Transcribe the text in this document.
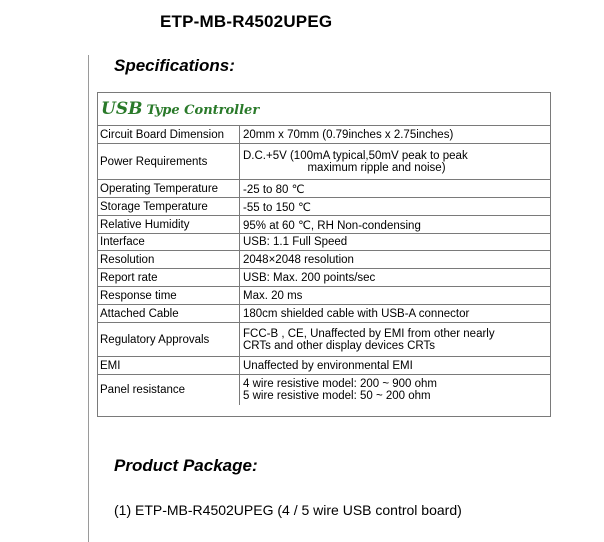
ETP-MB-R4502UPEG
Specifications:
USB Type Controller
Circuit Board Dimension	20mm x 70mm (0.79inches x 2.75inches)
Power Requirements	D.C.+5V (100mA typical,50mV peak to peak
maximum ripple and noise)
Operating Temperature	-25 to 80 ℃
Storage Temperature	-55 to 150 ℃
Relative Humidity	95% at 60 ℃, RH Non-condensing
Interface	USB: 1.1 Full Speed
Resolution	2048×2048 resolution
Report rate	USB: Max. 200 points/sec
Response time	Max. 20 ms
Attached Cable	180cm shielded cable with USB-A connector
Regulatory Approvals	FCC-B , CE, Unaffected by EMI from other nearly
CRTs and other display devices CRTs
EMI	Unaffected by environmental EMI
Panel resistance	4 wire resistive model: 200 ~ 900 ohm
5 wire resistive model: 50 ~ 200 ohm
Product Package:
(1) ETP-MB-R4502UPEG (4 / 5 wire USB control board)
